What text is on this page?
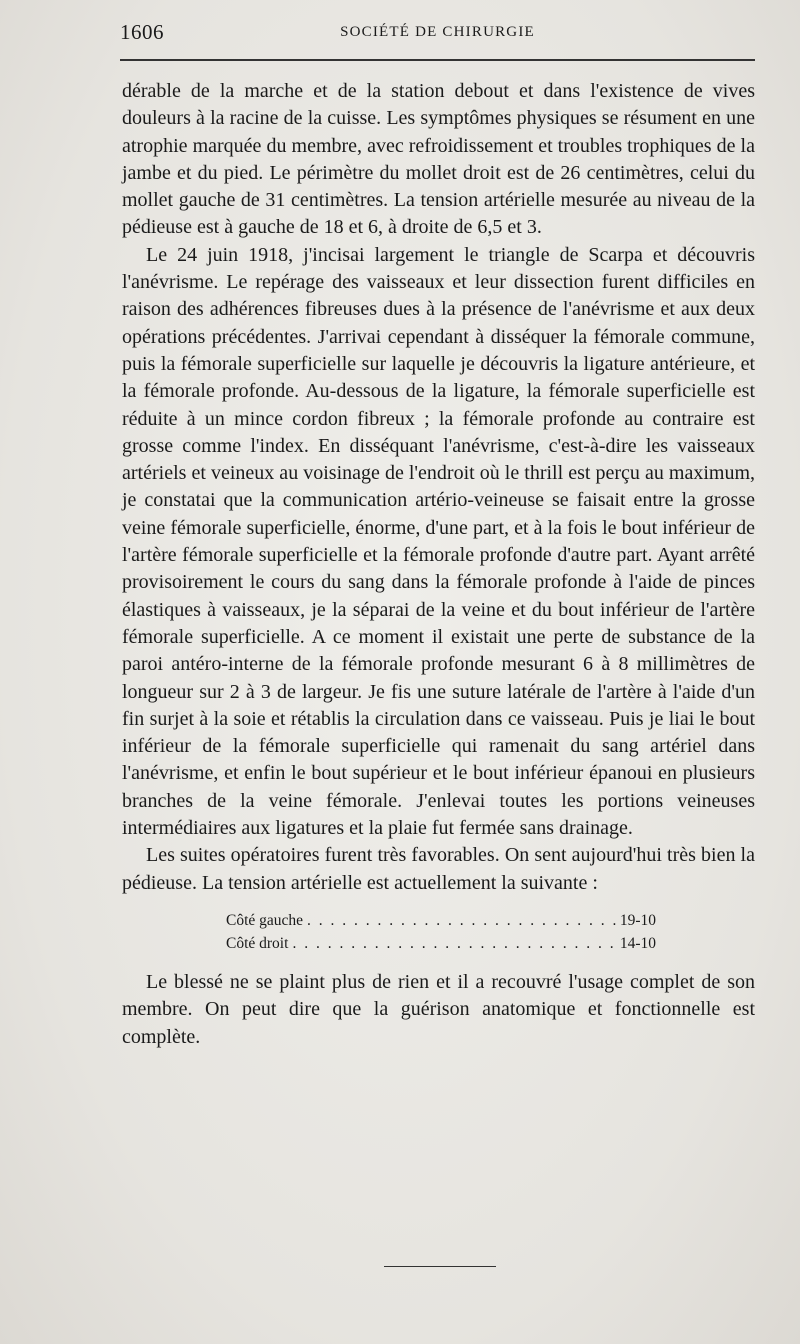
1606	SOCIÉTÉ DE CHIRURGIE

dérable de la marche et de la station debout et dans l'existence de vives douleurs à la racine de la cuisse. Les symptômes physiques se résument en une atrophie marquée du membre, avec refroidissement et troubles trophiques de la jambe et du pied. Le périmètre du mollet droit est de 26 centimètres, celui du mollet gauche de 31 centimètres. La tension artérielle mesurée au niveau de la pédieuse est à gauche de 18 et 6, à droite de 6,5 et 3.

Le 24 juin 1918, j'incisai largement le triangle de Scarpa et découvris l'anévrisme. Le repérage des vaisseaux et leur dissection furent difficiles en raison des adhérences fibreuses dues à la présence de l'anévrisme et aux deux opérations précédentes. J'arrivai cependant à disséquer la fémorale commune, puis la fémorale superficielle sur laquelle je découvris la ligature antérieure, et la fémorale profonde. Au-dessous de la ligature, la fémorale superficielle est réduite à un mince cordon fibreux ; la fémorale profonde au contraire est grosse comme l'index. En disséquant l'anévrisme, c'est-à-dire les vaisseaux artériels et veineux au voisinage de l'endroit où le thrill est perçu au maximum, je constatai que la communication artério-veineuse se faisait entre la grosse veine fémorale superficielle, énorme, d'une part, et à la fois le bout inférieur de l'artère fémorale superficielle et la fémorale profonde d'autre part. Ayant arrêté provisoirement le cours du sang dans la fémorale profonde à l'aide de pinces élastiques à vaisseaux, je la séparai de la veine et du bout inférieur de l'artère fémorale superficielle. A ce moment il existait une perte de substance de la paroi antéro-interne de la fémorale profonde mesurant 6 à 8 millimètres de longueur sur 2 à 3 de largeur. Je fis une suture latérale de l'artère à l'aide d'un fin surjet à la soie et rétablis la circulation dans ce vaisseau. Puis je liai le bout inférieur de la fémorale superficielle qui ramenait du sang artériel dans l'anévrisme, et enfin le bout supérieur et le bout inférieur épanoui en plusieurs branches de la veine fémorale. J'enlevai toutes les portions veineuses intermédiaires aux ligatures et la plaie fut fermée sans drainage.

Les suites opératoires furent très favorables. On sent aujourd'hui très bien la pédieuse. La tension artérielle est actuellement la suivante :

Côté gauche . . .	19-10
Côté droit . . .	14-10

Le blessé ne se plaint plus de rien et il a recouvré l'usage complet de son membre. On peut dire que la guérison anatomique et fonctionnelle est complète.
